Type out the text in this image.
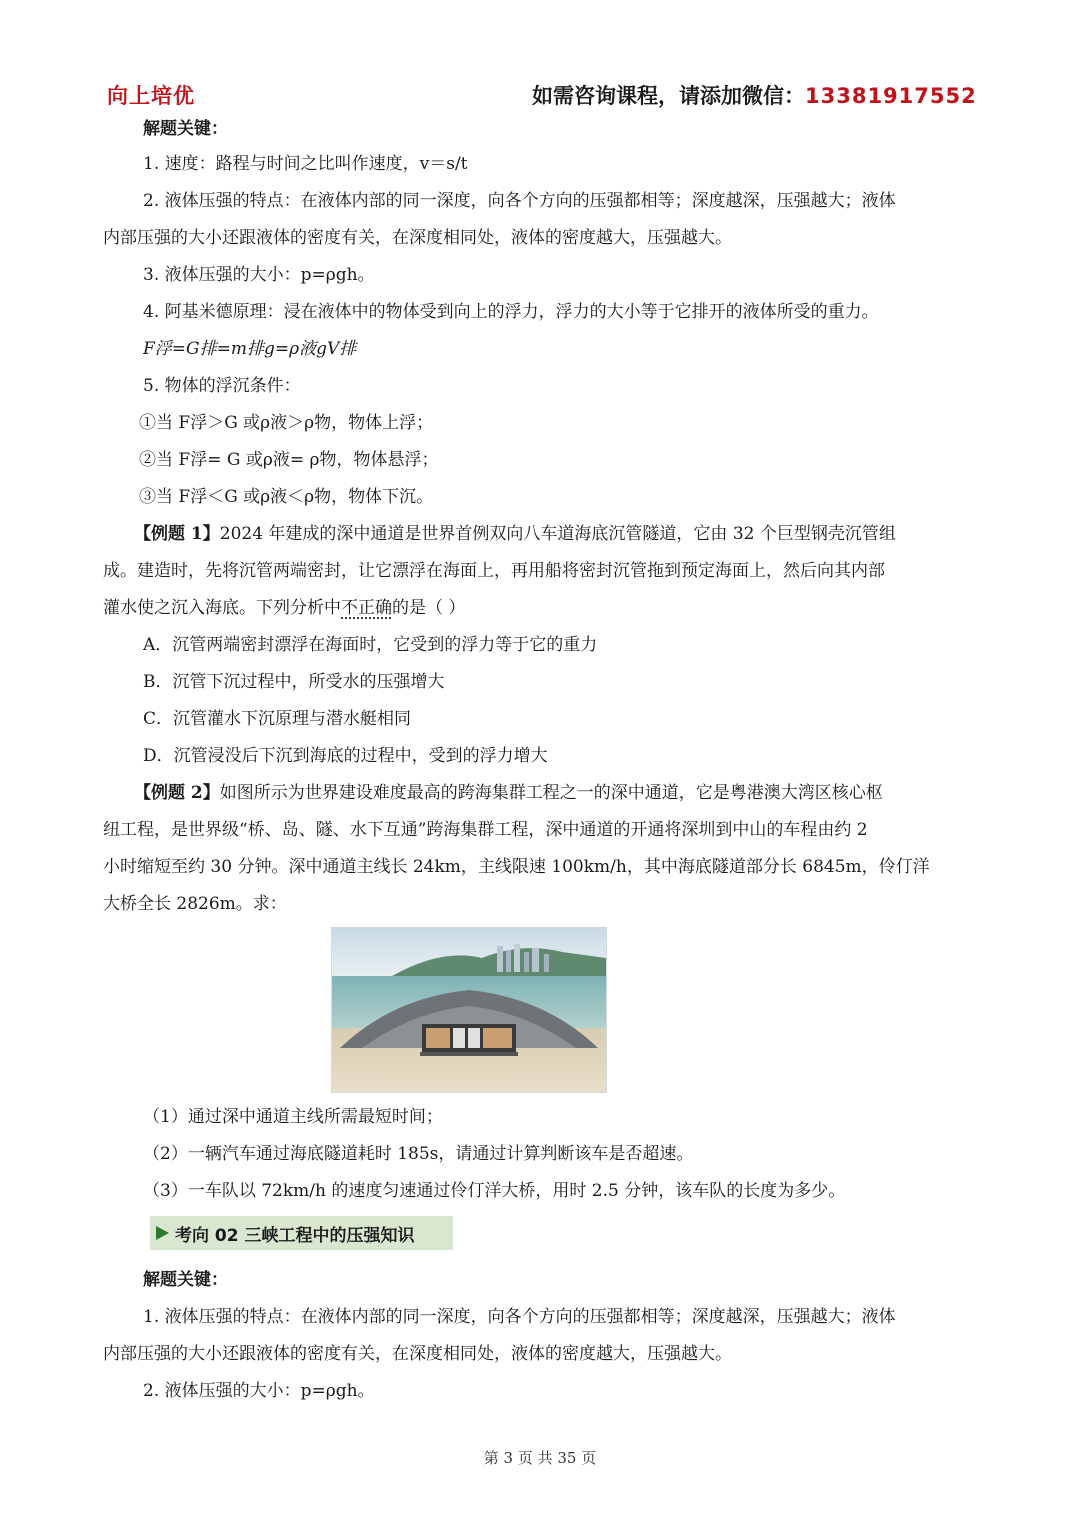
向上培优	如需咨询课程，请添加微信：13381917552
解题关键：
1. 速度：路程与时间之比叫作速度，v＝s/t
2. 液体压强的特点：在液体内部的同一深度，向各个方向的压强都相等；深度越深，压强越大；液体
内部压强的大小还跟液体的密度有关，在深度相同处，液体的密度越大，压强越大。
3. 液体压强的大小：p=ρgh。
4. 阿基米德原理：浸在液体中的物体受到向上的浮力，浮力的大小等于它排开的液体所受的重力。
F浮=G排=m排g=ρ液gV排
5. 物体的浮沉条件：
①当 F浮＞G 或ρ液＞ρ物，物体上浮；
②当 F浮= G 或ρ液= ρ物，物体悬浮；
③当 F浮＜G 或ρ液＜ρ物，物体下沉。
【例题 1】2024 年建成的深中通道是世界首例双向八车道海底沉管隧道，它由 32 个巨型钢壳沉管组
成。建造时，先将沉管两端密封，让它漂浮在海面上，再用船将密封沉管拖到预定海面上，然后向其内部
灌水使之沉入海底。下列分析中不正确的是（ ）
A．沉管两端密封漂浮在海面时，它受到的浮力等于它的重力
B．沉管下沉过程中，所受水的压强增大
C．沉管灌水下沉原理与潜水艇相同
D．沉管浸没后下沉到海底的过程中，受到的浮力增大
【例题 2】如图所示为世界建设难度最高的跨海集群工程之一的深中通道，它是粤港澳大湾区核心枢
纽工程，是世界级“桥、岛、隧、水下互通”跨海集群工程，深中通道的开通将深圳到中山的车程由约 2
小时缩短至约 30 分钟。深中通道主线长 24km，主线限速 100km/h，其中海底隧道部分长 6845m，伶仃洋
大桥全长 2826m。求：
（1）通过深中通道主线所需最短时间；
（2）一辆汽车通过海底隧道耗时 185s，请通过计算判断该车是否超速。
（3）一车队以 72km/h 的速度匀速通过伶仃洋大桥，用时 2.5 分钟，该车队的长度为多少。
考向 02 三峡工程中的压强知识
解题关键：
1. 液体压强的特点：在液体内部的同一深度，向各个方向的压强都相等；深度越深，压强越大；液体
内部压强的大小还跟液体的密度有关，在深度相同处，液体的密度越大，压强越大。
2. 液体压强的大小：p=ρgh。
第 3 页 共 35 页
